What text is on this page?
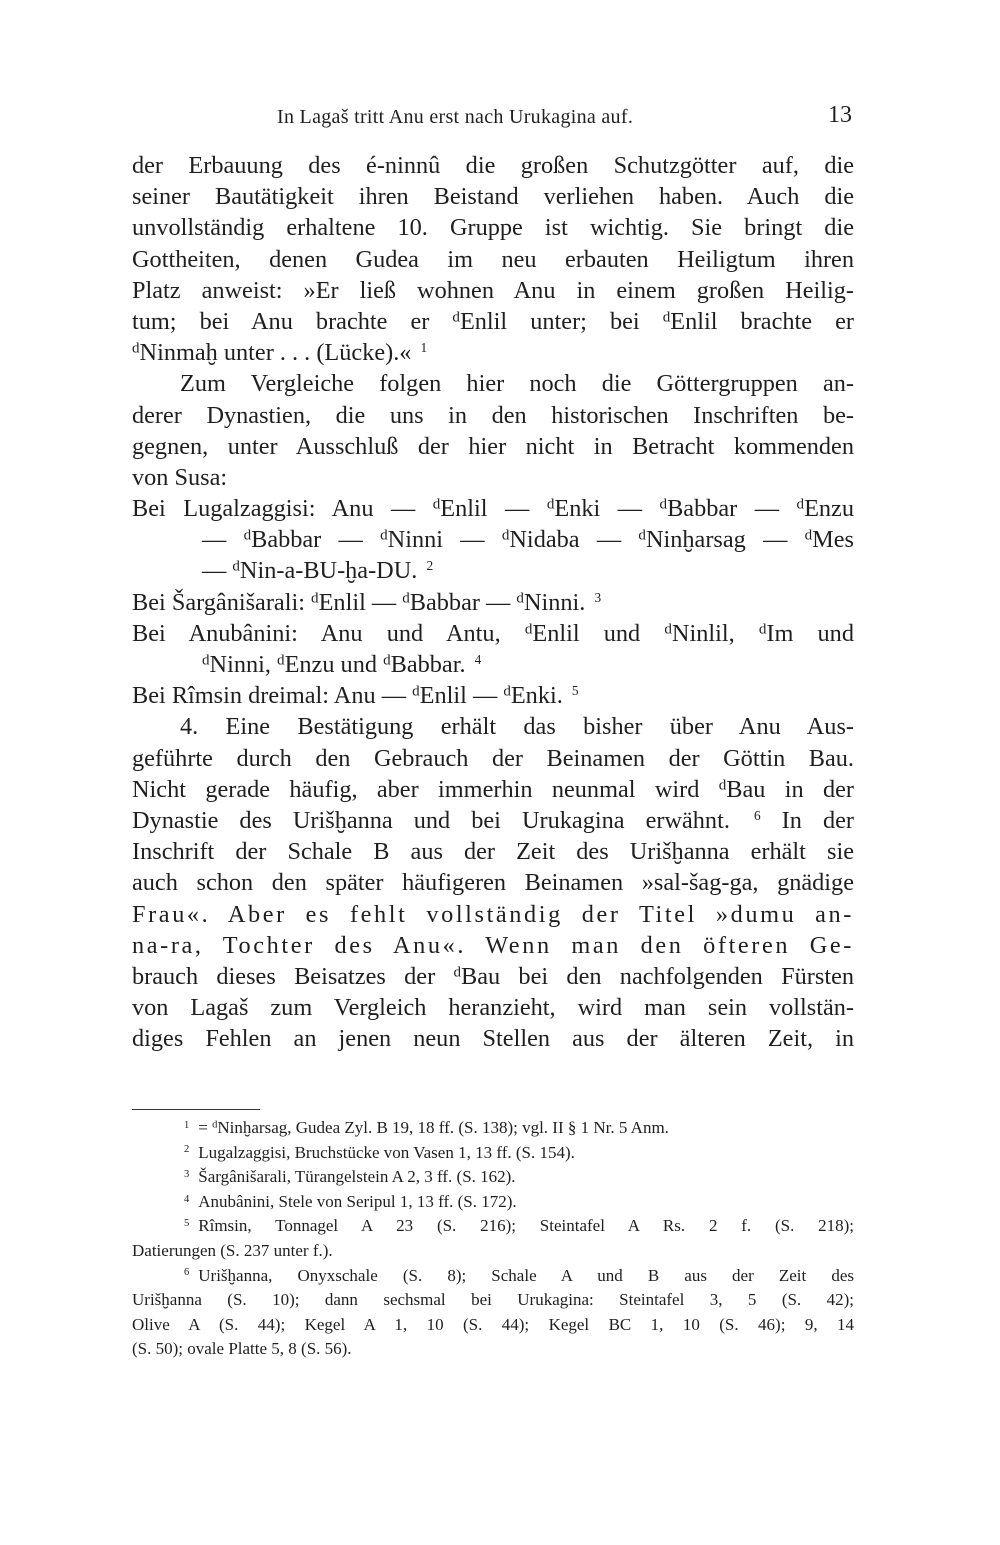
In Lagaš tritt Anu erst nach Urukagina auf.	13
der Erbauung des é-ninnû die großen Schutzgötter auf, die
seiner Bautätigkeit ihren Beistand verliehen haben. Auch die
unvollständig erhaltene 10. Gruppe ist wichtig. Sie bringt die
Gottheiten, denen Gudea im neu erbauten Heiligtum ihren
Platz anweist: »Er ließ wohnen Anu in einem großen Heilig-
tum; bei Anu brachte er $^d$Enlil unter; bei $^d$Enlil brachte er
$^d$Ninmaḫ unter . . . (Lücke).« $^1$
Zum Vergleiche folgen hier noch die Göttergruppen an-
derer Dynastien, die uns in den historischen Inschriften be-
gegnen, unter Ausschluß der hier nicht in Betracht kommenden
von Susa:
Bei Lugalzaggisi: Anu — $^d$Enlil — $^d$Enki — $^d$Babbar — $^d$Enzu
— $^d$Babbar — $^d$Ninni — $^d$Nidaba — $^d$Ninḫarsag — $^d$Mes
— $^d$Nin-a-BU-ḫa-DU. $^2$
Bei Šargânišarali: $^d$Enlil — $^d$Babbar — $^d$Ninni. $^3$
Bei Anubânini: Anu und Antu, $^d$Enlil und $^d$Ninlil, $^d$Im und
$^d$Ninni, $^d$Enzu und $^d$Babbar. $^4$
Bei Rîmsin dreimal: Anu — $^d$Enlil — $^d$Enki. $^5$
4. Eine Bestätigung erhält das bisher über Anu Aus-
geführte durch den Gebrauch der Beinamen der Göttin Bau.
Nicht gerade häufig, aber immerhin neunmal wird $^d$Bau in der
Dynastie des Urišḫanna und bei Urukagina erwähnt. $^6$ In der
Inschrift der Schale B aus der Zeit des Urišḫanna erhält sie
auch schon den später häufigeren Beinamen »sal-šag-ga, gnädige
Frau«. Aber es fehlt vollständig der Titel »dumu an-
na-ra, Tochter des Anu«. Wenn man den öfteren Ge-
brauch dieses Beisatzes der $^d$Bau bei den nachfolgenden Fürsten
von Lagaš zum Vergleich heranzieht, wird man sein vollstän-
diges Fehlen an jenen neun Stellen aus der älteren Zeit, in
$^1$ = $^d$Ninḫarsag, Gudea Zyl. B 19, 18 ff. (S. 138); vgl. II § 1 Nr. 5 Anm.
$^2$ Lugalzaggisi, Bruchstücke von Vasen 1, 13 ff. (S. 154).
$^3$ Šargânišarali, Türangelstein A 2, 3 ff. (S. 162).
$^4$ Anubânini, Stele von Seripul 1, 13 ff. (S. 172).
$^5$ Rîmsin, Tonnagel A 23 (S. 216); Steintafel A Rs. 2 f. (S. 218);
Datierungen (S. 237 unter f.).
$^6$ Urišḫanna, Onyxschale (S. 8); Schale A und B aus der Zeit des
Urišḫanna (S. 10); dann sechsmal bei Urukagina: Steintafel 3, 5 (S. 42);
Olive A (S. 44); Kegel A 1, 10 (S. 44); Kegel BC 1, 10 (S. 46); 9, 14
(S. 50); ovale Platte 5, 8 (S. 56).
